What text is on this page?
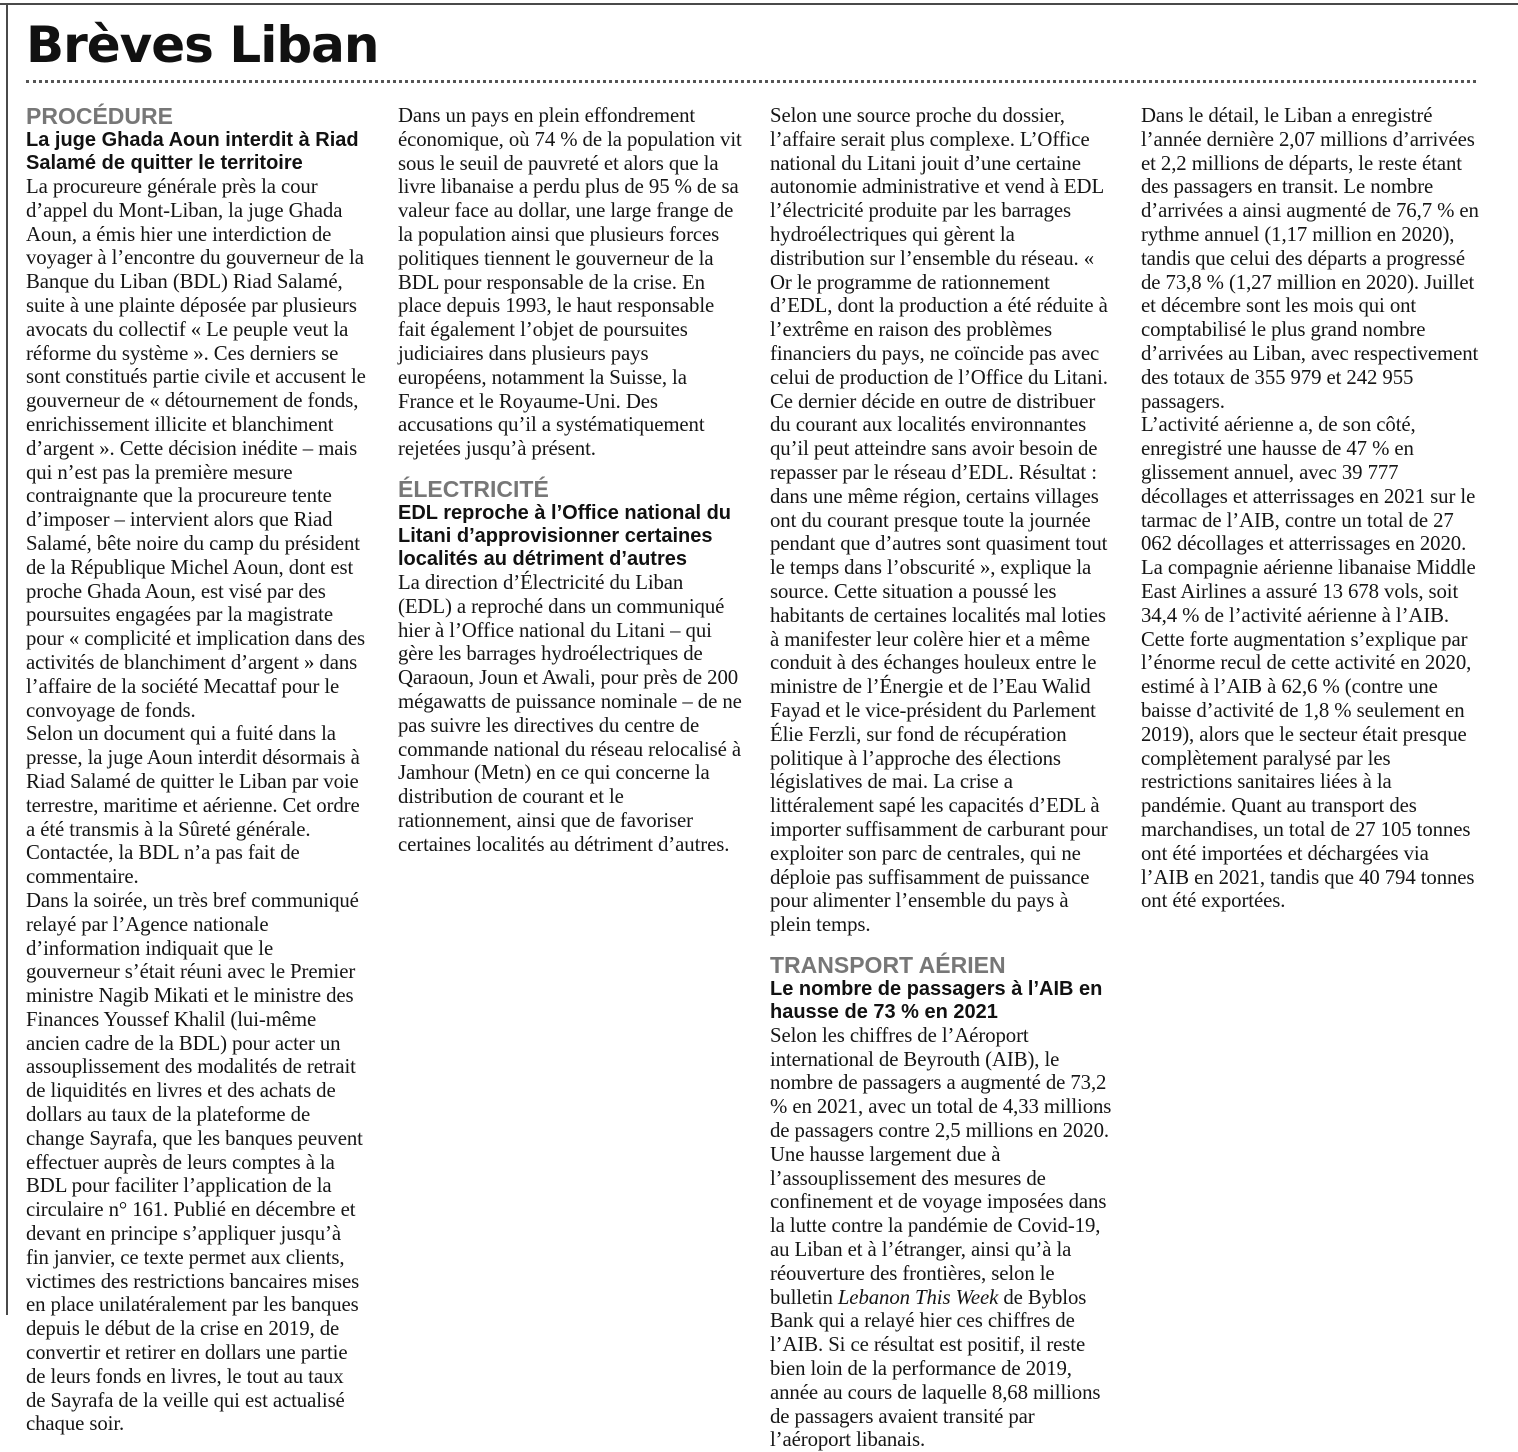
Brèves Liban
PROCÉDURE
La juge Ghada Aoun interdit à Riad Salamé de quitter le territoire

La procureure générale près la cour d’appel du Mont-Liban, la juge Ghada Aoun, a émis hier une interdiction de voyager à l’encontre du gouverneur de la Banque du Liban (BDL) Riad Salamé, suite à une plainte déposée par plusieurs avocats du collectif « Le peuple veut la réforme du système ». Ces derniers se sont constitués partie civile et accusent le gouverneur de « détournement de fonds, enrichissement illicite et blanchiment d’argent ». Cette décision inédite – mais qui n’est pas la première mesure contraignante que la procureure tente d’imposer – intervient alors que Riad Salamé, bête noire du camp du président de la République Michel Aoun, dont est proche Ghada Aoun, est visé par des poursuites engagées par la magistrate pour « complicité et implication dans des activités de blanchiment d’argent » dans l’affaire de la société Mecattaf pour le convoyage de fonds.

Selon un document qui a fuité dans la presse, la juge Aoun interdit désormais à Riad Salamé de quitter le Liban par voie terrestre, maritime et aérienne. Cet ordre a été transmis à la Sûreté générale. Contactée, la BDL n’a pas fait de commentaire.

Dans la soirée, un très bref communiqué relayé par l’Agence nationale d’information indiquait que le gouverneur s’était réuni avec le Premier ministre Nagib Mikati et le ministre des Finances Youssef Khalil (lui-même ancien cadre de la BDL) pour acter un assouplissement des modalités de retrait de liquidités en livres et des achats de dollars au taux de la plateforme de change Sayrafa, que les banques peuvent effectuer auprès de leurs comptes à la BDL pour faciliter l’application de la circulaire n° 161. Publié en décembre et devant en principe s’appliquer jusqu’à fin janvier, ce texte permet aux clients, victimes des restrictions bancaires mises en place unilatéralement par les banques depuis le début de la crise en 2019, de convertir et retirer en dollars une partie de leurs fonds en livres, le tout au taux de Sayrafa de la veille qui est actualisé chaque soir.

Dans un pays en plein effondrement économique, où 74 % de la population vit sous le seuil de pauvreté et alors que la livre libanaise a perdu plus de 95 % de sa valeur face au dollar, une large frange de la population ainsi que plusieurs forces politiques tiennent le gouverneur de la BDL pour responsable de la crise. En place depuis 1993, le haut responsable fait également l’objet de poursuites judiciaires dans plusieurs pays européens, notamment la Suisse, la France et le Royaume-Uni. Des accusations qu’il a systématiquement rejetées jusqu’à présent.

ÉLECTRICITÉ
EDL reproche à l’Office national du Litani d’approvisionner certaines localités au détriment d’autres

La direction d’Électricité du Liban (EDL) a reproché dans un communiqué hier à l’Office national du Litani – qui gère les barrages hydroélectriques de Qaraoun, Joun et Awali, pour près de 200 mégawatts de puissance nominale – de ne pas suivre les directives du centre de commande national du réseau relocalisé à Jamhour (Metn) en ce qui concerne la distribution de courant et le rationnement, ainsi que de favoriser certaines localités au détriment d’autres.

Selon une source proche du dossier, l’affaire serait plus complexe. L’Office national du Litani jouit d’une certaine autonomie administrative et vend à EDL l’électricité produite par les barrages hydroélectriques qui gèrent la distribution sur l’ensemble du réseau. « Or le programme de rationnement d’EDL, dont la production a été réduite à l’extrême en raison des problèmes financiers du pays, ne coïncide pas avec celui de production de l’Office du Litani. Ce dernier décide en outre de distribuer du courant aux localités environnantes qu’il peut atteindre sans avoir besoin de repasser par le réseau d’EDL. Résultat : dans une même région, certains villages ont du courant presque toute la journée pendant que d’autres sont quasiment tout le temps dans l’obscurité », explique la source. Cette situation a poussé les habitants de certaines localités mal loties à manifester leur colère hier et a même conduit à des échanges houleux entre le ministre de l’Énergie et de l’Eau Walid Fayad et le vice-président du Parlement Élie Ferzli, sur fond de récupération politique à l’approche des élections législatives de mai. La crise a littéralement sapé les capacités d’EDL à importer suffisamment de carburant pour exploiter son parc de centrales, qui ne déploie pas suffisamment de puissance pour alimenter l’ensemble du pays à plein temps.

TRANSPORT AÉRIEN
Le nombre de passagers à l’AIB en hausse de 73 % en 2021

Selon les chiffres de l’Aéroport international de Beyrouth (AIB), le nombre de passagers a augmenté de 73,2 % en 2021, avec un total de 4,33 millions de passagers contre 2,5 millions en 2020. Une hausse largement due à l’assouplissement des mesures de confinement et de voyage imposées dans la lutte contre la pandémie de Covid-19, au Liban et à l’étranger, ainsi qu’à la réouverture des frontières, selon le bulletin Lebanon This Week de Byblos Bank qui a relayé hier ces chiffres de l’AIB. Si ce résultat est positif, il reste bien loin de la performance de 2019, année au cours de laquelle 8,68 millions de passagers avaient transité par l’aéroport libanais.

Dans le détail, le Liban a enregistré l’année dernière 2,07 millions d’arrivées et 2,2 millions de départs, le reste étant des passagers en transit. Le nombre d’arrivées a ainsi augmenté de 76,7 % en rythme annuel (1,17 million en 2020), tandis que celui des départs a progressé de 73,8 % (1,27 million en 2020). Juillet et décembre sont les mois qui ont comptabilisé le plus grand nombre d’arrivées au Liban, avec respectivement des totaux de 355 979 et 242 955 passagers.

L’activité aérienne a, de son côté, enregistré une hausse de 47 % en glissement annuel, avec 39 777 décollages et atterrissages en 2021 sur le tarmac de l’AIB, contre un total de 27 062 décollages et atterrissages en 2020. La compagnie aérienne libanaise Middle East Airlines a assuré 13 678 vols, soit 34,4 % de l’activité aérienne à l’AIB. Cette forte augmentation s’explique par l’énorme recul de cette activité en 2020, estimé à l’AIB à 62,6 % (contre une baisse d’activité de 1,8 % seulement en 2019), alors que le secteur était presque complètement paralysé par les restrictions sanitaires liées à la pandémie. Quant au transport des marchandises, un total de 27 105 tonnes ont été importées et déchargées via l’AIB en 2021, tandis que 40 794 tonnes ont été exportées.
